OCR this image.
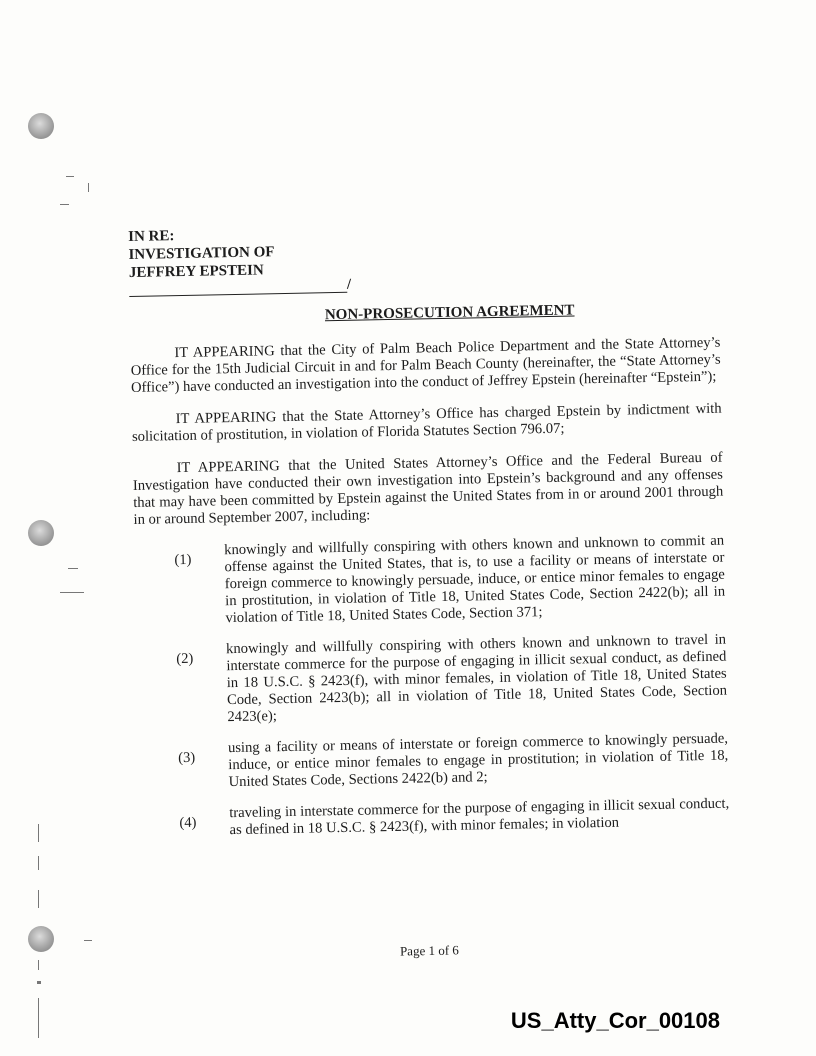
IN RE:
INVESTIGATION OF
JEFFREY EPSTEIN
/
NON-PROSECUTION AGREEMENT

IT APPEARING that the City of Palm Beach Police Department and the State Attorney’s Office for the 15th Judicial Circuit in and for Palm Beach County (hereinafter, the “State Attorney’s Office”) have conducted an investigation into the conduct of Jeffrey Epstein (hereinafter “Epstein”);

IT APPEARING that the State Attorney’s Office has charged Epstein by indictment with solicitation of prostitution, in violation of Florida Statutes Section 796.07;

IT APPEARING that the United States Attorney’s Office and the Federal Bureau of Investigation have conducted their own investigation into Epstein’s background and any offenses that may have been committed by Epstein against the United States from in or around 2001 through in or around September 2007, including:

(1)
knowingly and willfully conspiring with others known and unknown to commit an offense against the United States, that is, to use a facility or means of interstate or foreign commerce to knowingly persuade, induce, or entice minor females to engage in prostitution, in violation of Title 18, United States Code, Section 2422(b); all in violation of Title 18, United States Code, Section 371;
(2)
knowingly and willfully conspiring with others known and unknown to travel in interstate commerce for the purpose of engaging in illicit sexual conduct, as defined in 18 U.S.C. § 2423(f), with minor females, in violation of Title 18, United States Code, Section 2423(b); all in violation of Title 18, United States Code, Section 2423(e);
(3)
using a facility or means of interstate or foreign commerce to knowingly persuade, induce, or entice minor females to engage in prostitution; in violation of Title 18, United States Code, Sections 2422(b) and 2;
(4)
traveling in interstate commerce for the purpose of engaging in illicit sexual conduct, as defined in 18 U.S.C. § 2423(f), with minor females; in violation
Page 1 of 6
US_Atty_Cor_00108
